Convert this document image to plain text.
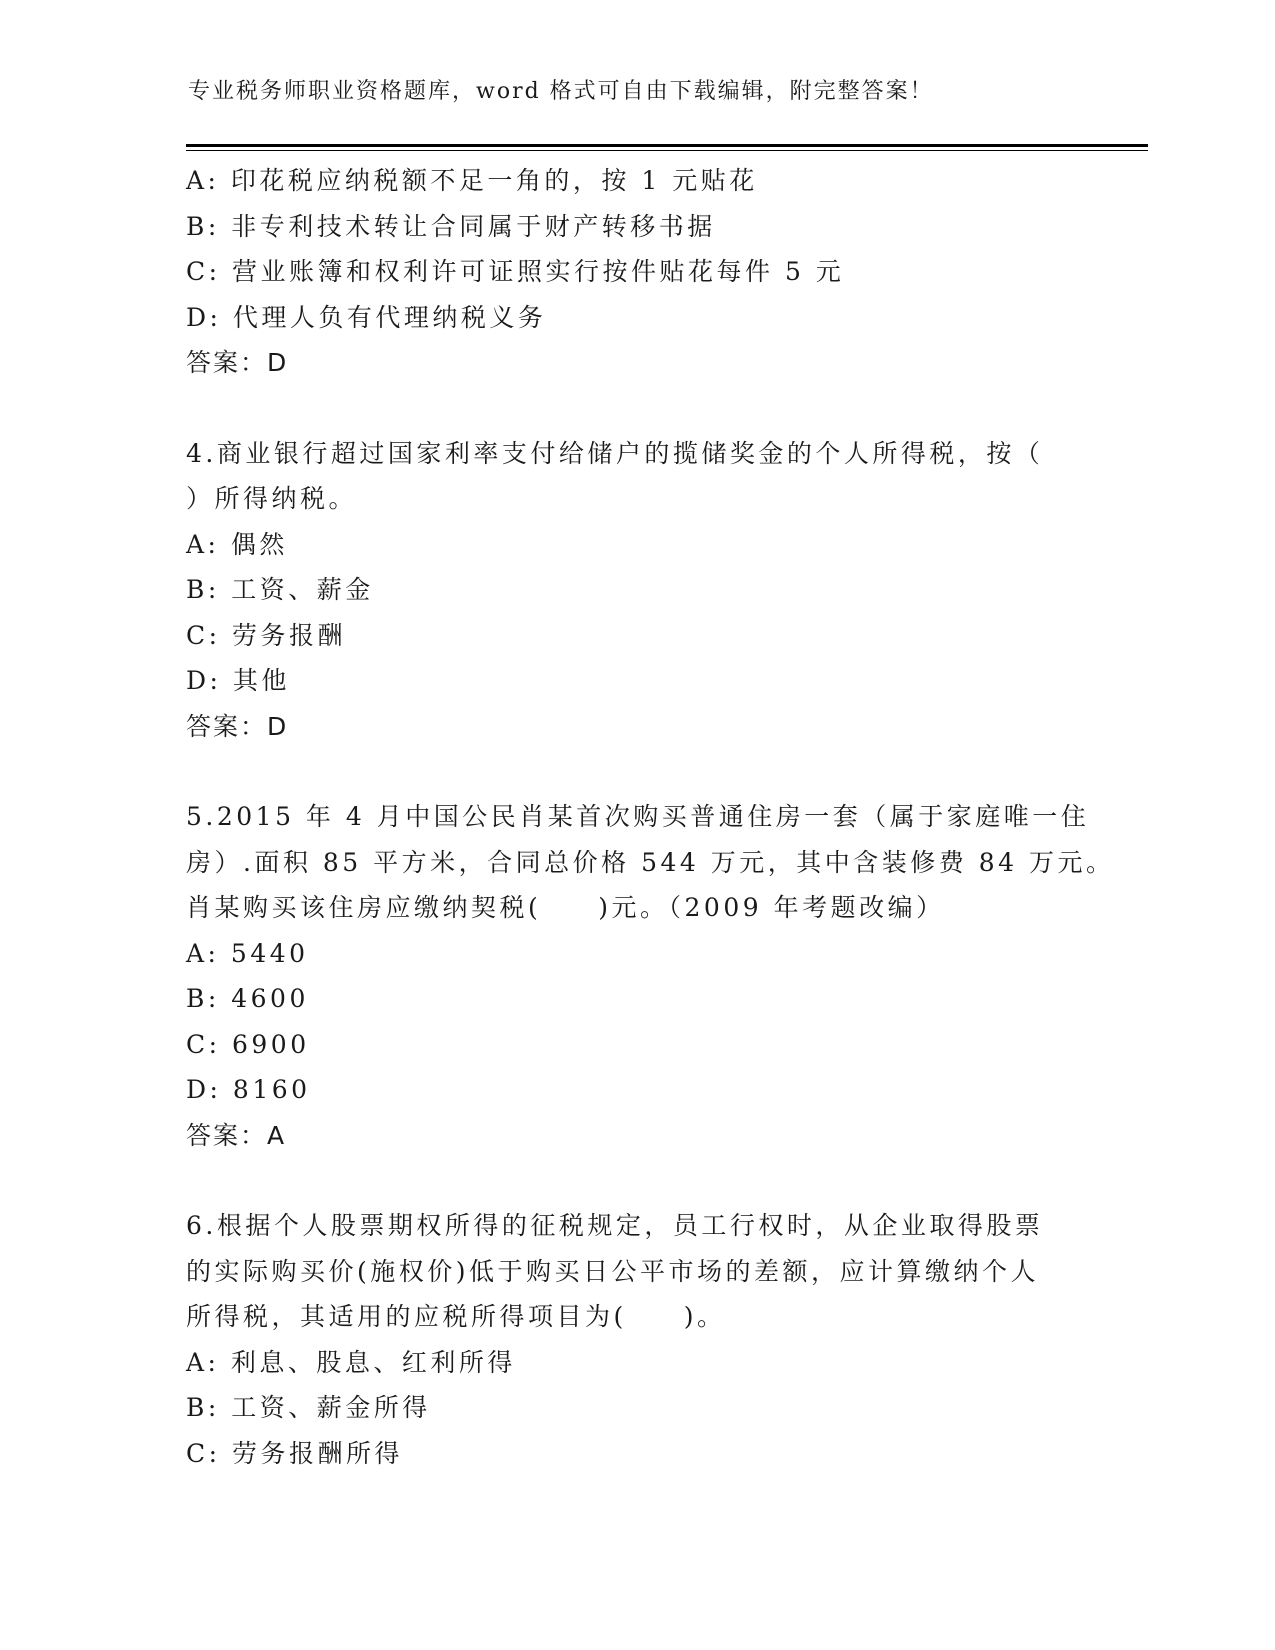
专业税务师职业资格题库，word 格式可自由下载编辑，附完整答案！
A: 印花税应纳税额不足一角的，按 1 元贴花
B: 非专利技术转让合同属于财产转移书据
C: 营业账簿和权利许可证照实行按件贴花每件 5 元
D: 代理人负有代理纳税义务
答案：D
4.商业银行超过国家利率支付给储户的揽储奖金的个人所得税，按（
）所得纳税。
A: 偶然
B: 工资、薪金
C: 劳务报酬
D: 其他
答案：D
5.2015 年 4 月中国公民肖某首次购买普通住房一套（属于家庭唯一住
房）.面积 85 平方米，合同总价格 544 万元，其中含装修费 84 万元。
肖某购买该住房应缴纳契税(　　)元。（2009 年考题改编）
A: 5440
B: 4600
C: 6900
D: 8160
答案：A
6.根据个人股票期权所得的征税规定，员工行权时，从企业取得股票
的实际购买价(施权价)低于购买日公平市场的差额，应计算缴纳个人
所得税，其适用的应税所得项目为(　　)。
A: 利息、股息、红利所得
B: 工资、薪金所得
C: 劳务报酬所得
